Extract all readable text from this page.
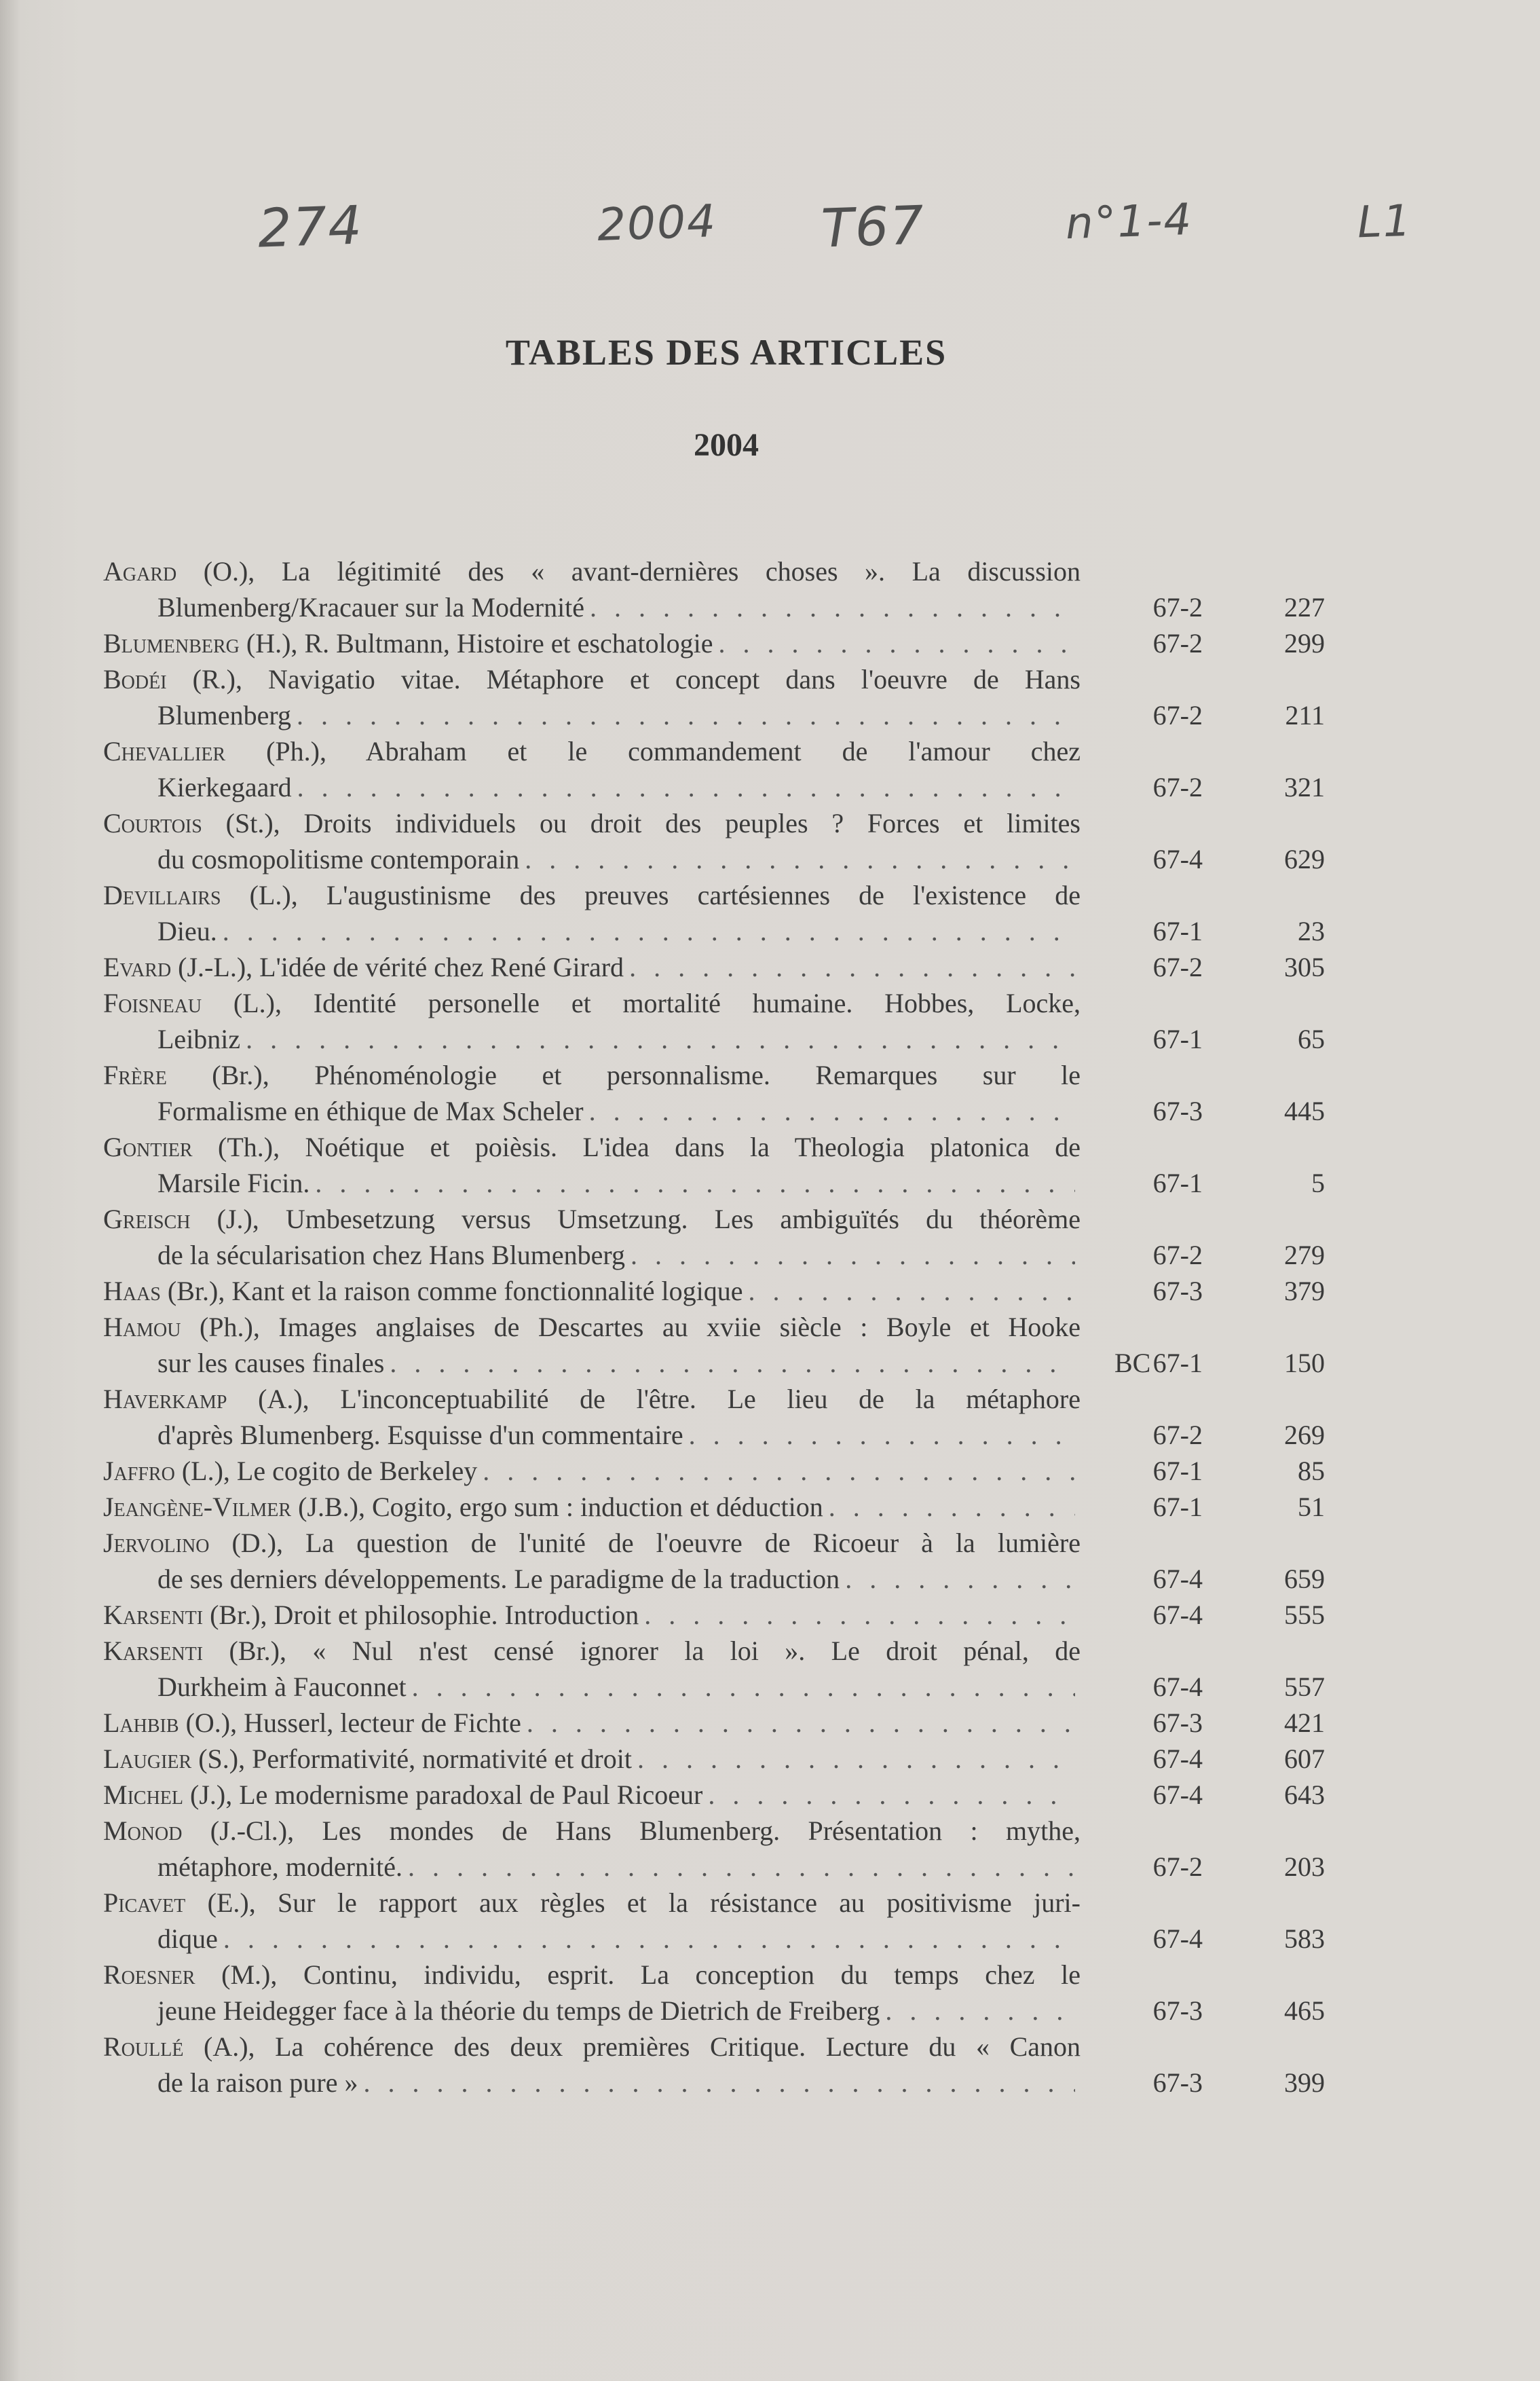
274	2004 T67	n°1-4	L1
TABLES DES ARTICLES
2004
Agard (O.), La légitimité des « avant-dernières choses ». La discussion
Blumenberg/Kracauer sur la Modernité . . .	67-2	227
Blumenberg (H.), R. Bultmann, Histoire et eschatologie . . .	67-2	299
Bodéi (R.), Navigatio vitae. Métaphore et concept dans l'oeuvre de Hans
Blumenberg . . .	67-2	211
Chevallier (Ph.), Abraham et le commandement de l'amour chez
Kierkegaard . . .	67-2	321
Courtois (St.), Droits individuels ou droit des peuples ? Forces et limites
du cosmopolitisme contemporain . . .	67-4	629
Devillairs (L.), L'augustinisme des preuves cartésiennes de l'existence de
Dieu. . . .	67-1	23
Evard (J.-L.), L'idée de vérité chez René Girard . . .	67-2	305
Foisneau (L.), Identité personelle et mortalité humaine. Hobbes, Locke,
Leibniz . . .	67-1	65
Frère (Br.), Phénoménologie et personnalisme. Remarques sur le
Formalisme en éthique de Max Scheler . . .	67-3	445
Gontier (Th.), Noétique et poièsis. L'idea dans la Theologia platonica de
Marsile Ficin. . . .	67-1	5
Greisch (J.), Umbesetzung versus Umsetzung. Les ambiguïtés du théorème
de la sécularisation chez Hans Blumenberg . . .	67-2	279
Haas (Br.), Kant et la raison comme fonctionnalité logique . . .	67-3	379
Hamou (Ph.), Images anglaises de Descartes au xviie siècle : Boyle et Hooke
sur les causes finales . . .	BC 67-1	150
Haverkamp (A.), L'inconceptuabilité de l'être. Le lieu de la métaphore
d'après Blumenberg. Esquisse d'un commentaire . . .	67-2	269
Jaffro (L.), Le cogito de Berkeley . . .	67-1	85
Jeangène-Vilmer (J.B.), Cogito, ergo sum : induction et déduction . . .	67-1	51
Jervolino (D.), La question de l'unité de l'oeuvre de Ricoeur à la lumière
de ses derniers développements. Le paradigme de la traduction . . .	67-4	659
Karsenti (Br.), Droit et philosophie. Introduction . . .	67-4	555
Karsenti (Br.), « Nul n'est censé ignorer la loi ». Le droit pénal, de
Durkheim à Fauconnet . . .	67-4	557
Lahbib (O.), Husserl, lecteur de Fichte . . .	67-3	421
Laugier (S.), Performativité, normativité et droit . . .	67-4	607
Michel (J.), Le modernisme paradoxal de Paul Ricoeur . . .	67-4	643
Monod (J.-Cl.), Les mondes de Hans Blumenberg. Présentation : mythe,
métaphore, modernité. . . .	67-2	203
Picavet (E.), Sur le rapport aux règles et la résistance au positivisme juri-
dique . . .	67-4	583
Roesner (M.), Continu, individu, esprit. La conception du temps chez le
jeune Heidegger face à la théorie du temps de Dietrich de Freiberg . . .	67-3	465
Roullé (A.), La cohérence des deux premières Critique. Lecture du « Canon
de la raison pure » . . .	67-3	399
